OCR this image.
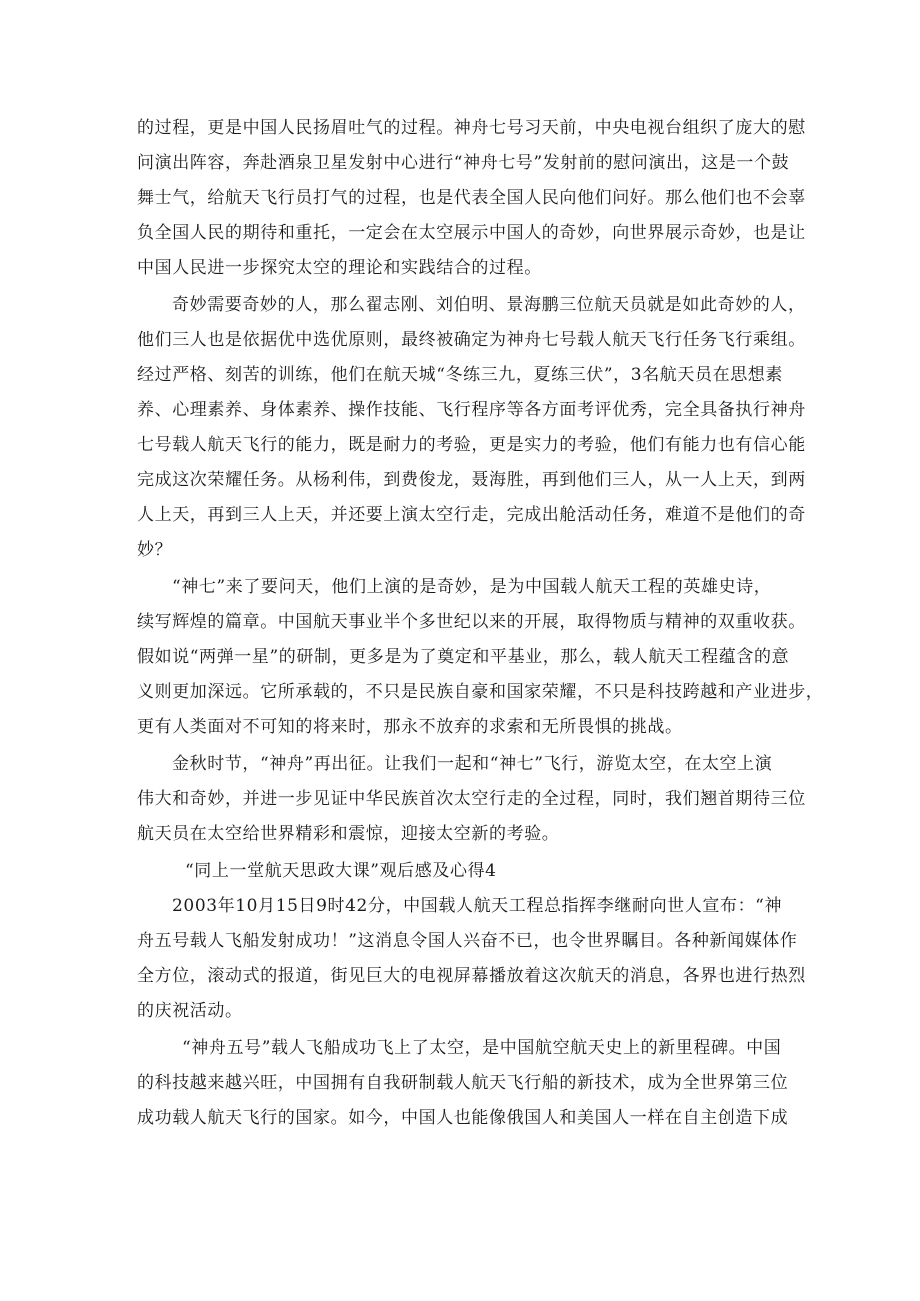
的过程，更是中国人民扬眉吐气的过程。神舟七号习天前，中央电视台组织了庞大的慰
问演出阵容，奔赴酒泉卫星发射中心进行“神舟七号”发射前的慰问演出，这是一个鼓
舞士气，给航天飞行员打气的过程，也是代表全国人民向他们问好。那么他们也不会辜
负全国人民的期待和重托，一定会在太空展示中国人的奇妙，向世界展示奇妙，也是让
中国人民进一步探究太空的理论和实践结合的过程。
奇妙需要奇妙的人，那么翟志刚、刘伯明、景海鹏三位航天员就是如此奇妙的人，
他们三人也是依据优中选优原则，最终被确定为神舟七号载人航天飞行任务飞行乘组。
经过严格、刻苦的训练，他们在航天城“冬练三九，夏练三伏”，3名航天员在思想素
养、心理素养、身体素养、操作技能、飞行程序等各方面考评优秀，完全具备执行神舟
七号载人航天飞行的能力，既是耐力的考验，更是实力的考验，他们有能力也有信心能
完成这次荣耀任务。从杨利伟，到费俊龙，聂海胜，再到他们三人，从一人上天，到两
人上天，再到三人上天，并还要上演太空行走，完成出舱活动任务，难道不是他们的奇
妙？
“神七”来了要问天，他们上演的是奇妙，是为中国载人航天工程的英雄史诗，
续写辉煌的篇章。中国航天事业半个多世纪以来的开展，取得物质与精神的双重收获。
假如说“两弹一星”的研制，更多是为了奠定和平基业，那么，载人航天工程蕴含的意
义则更加深远。它所承载的，不只是民族自豪和国家荣耀，不只是科技跨越和产业进步，
更有人类面对不可知的将来时，那永不放弃的求索和无所畏惧的挑战。
金秋时节，“神舟”再出征。让我们一起和“神七”飞行，游览太空，在太空上演
伟大和奇妙，并进一步见证中华民族首次太空行走的全过程，同时，我们翘首期待三位
航天员在太空给世界精彩和震惊，迎接太空新的考验。
“同上一堂航天思政大课”观后感及心得4
2003年10月15日9时42分，中国载人航天工程总指挥李继耐向世人宣布：“神
舟五号载人飞船发射成功！”这消息令国人兴奋不已，也令世界瞩目。各种新闻媒体作
全方位，滚动式的报道，街见巨大的电视屏幕播放着这次航天的消息，各界也进行热烈
的庆祝活动。
“神舟五号”载人飞船成功飞上了太空，是中国航空航天史上的新里程碑。中国
的科技越来越兴旺，中国拥有自我研制载人航天飞行船的新技术，成为全世界第三位
成功载人航天飞行的国家。如今，中国人也能像俄国人和美国人一样在自主创造下成
